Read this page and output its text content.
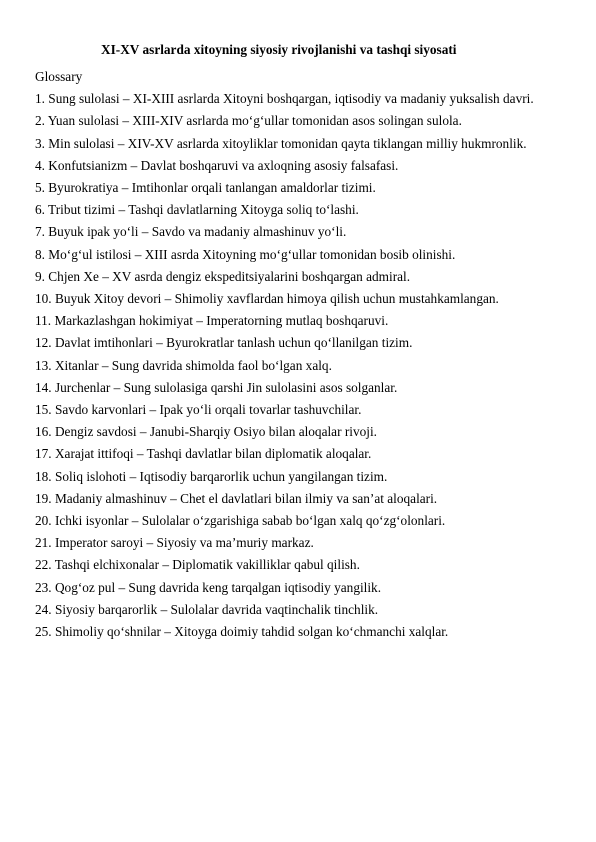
XI-XV asrlarda xitoyning siyosiy rivojlanishi va tashqi siyosati

Glossary

1. Sung sulolasi – XI-XIII asrlarda Xitoyni boshqargan, iqtisodiy va madaniy yuksalish davri.

2. Yuan sulolasi – XIII-XIV asrlarda mo‘g‘ullar tomonidan asos solingan sulola.

3. Min sulolasi – XIV-XV asrlarda xitoyliklar tomonidan qayta tiklangan milliy hukmronlik.

4. Konfutsianizm – Davlat boshqaruvi va axloqning asosiy falsafasi.

5. Byurokratiya – Imtihonlar orqali tanlangan amaldorlar tizimi.

6. Tribut tizimi – Tashqi davlatlarning Xitoyga soliq to‘lashi.

7. Buyuk ipak yo‘li – Savdo va madaniy almashinuv yo‘li.

8. Mo‘g‘ul istilosi – XIII asrda Xitoyning mo‘g‘ullar tomonidan bosib olinishi.

9. Chjen Xe – XV asrda dengiz ekspeditsiyalarini boshqargan admiral.

10. Buyuk Xitoy devori – Shimoliy xavflardan himoya qilish uchun mustahkamlangan.

11. Markazlashgan hokimiyat – Imperatorning mutlaq boshqaruvi.

12. Davlat imtihonlari – Byurokratlar tanlash uchun qo‘llanilgan tizim.

13. Xitanlar – Sung davrida shimolda faol bo‘lgan xalq.

14. Jurchenlar – Sung sulolasiga qarshi Jin sulolasini asos solganlar.

15. Savdo karvonlari – Ipak yo‘li orqali tovarlar tashuvchilar.

16. Dengiz savdosi – Janubi-Sharqiy Osiyo bilan aloqalar rivoji.

17. Xarajat ittifoqi – Tashqi davlatlar bilan diplomatik aloqalar.

18. Soliq islohoti – Iqtisodiy barqarorlik uchun yangilangan tizim.

19. Madaniy almashinuv – Chet el davlatlari bilan ilmiy va san’at aloqalari.

20. Ichki isyonlar – Sulolalar o‘zgarishiga sabab bo‘lgan xalq qo‘zg‘olonlari.

21. Imperator saroyi – Siyosiy va ma’muriy markaz.

22. Tashqi elchixonalar – Diplomatik vakilliklar qabul qilish.

23. Qog‘oz pul – Sung davrida keng tarqalgan iqtisodiy yangilik.

24. Siyosiy barqarorlik – Sulolalar davrida vaqtinchalik tinchlik.

25. Shimoliy qo‘shnilar – Xitoyga doimiy tahdid solgan ko‘chmanchi xalqlar.
